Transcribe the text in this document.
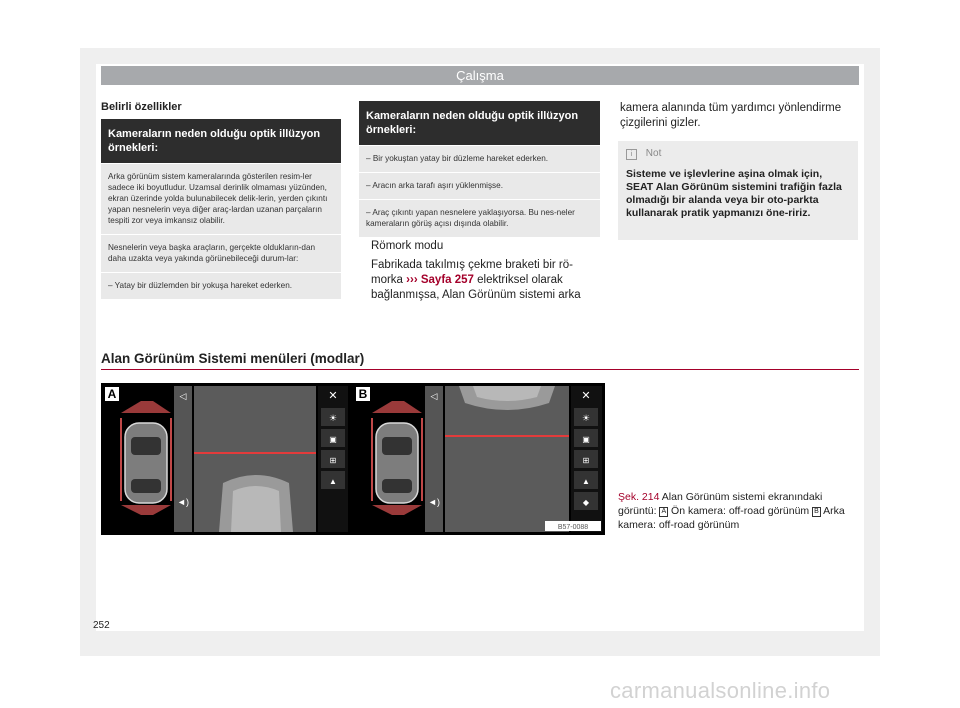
Çalışma
Belirli özellikler
Kameraların neden olduğu optik illüzyon örnekleri:
Arka görünüm sistem kameralarında gösterilen resim-ler sadece iki boyutludur. Uzamsal derinlik olmaması yüzünden, ekran üzerinde yolda bulunabilecek delik-lerin, yerden çıkıntı yapan nesnelerin veya diğer araç-lardan uzanan parçaların tespiti zor veya imkansız olabilir.
Nesnelerin veya başka araçların, gerçekte oldukların-dan daha uzakta veya yakında görünebileceği durum-lar:
– Yatay bir düzlemden bir yokuşa hareket ederken.
Kameraların neden olduğu optik illüzyon örnekleri:
– Bir yokuştan yatay bir düzleme hareket ederken.
– Aracın arka tarafı aşırı yüklenmişse.
– Araç çıkıntı yapan nesnelere yaklaşıyorsa. Bu nes-neler kameraların görüş açısı dışında olabilir.
Römork modu
Fabrikada takılmış çekme braketi bir rö-morka ››› Sayfa 257 elektriksel olarak bağlanmışsa, Alan Görünüm sistemi arka
kamera alanında tüm yardımcı yönlendirme çizgilerini gizler.
i Not
Sisteme ve işlevlerine aşina olmak için, SEAT Alan Görünüm sistemini trafiğin fazla olmadığı bir alanda veya bir oto-parkta kullanarak pratik yapmanızı öne-ririz.
Alan Görünüm Sistemi menüleri (modlar)
A	◁
◄)
✕
☀
▣
⊞
▲
B	◁
◄)
✕
☀
▣
⊞
▲
◆
B57-0088
Şek. 214 Alan Görünüm sistemi ekranındaki görüntü: A Ön kamera: off-road görünüm B Arka kamera: off-road görünüm
252
carmanualsonline.info
